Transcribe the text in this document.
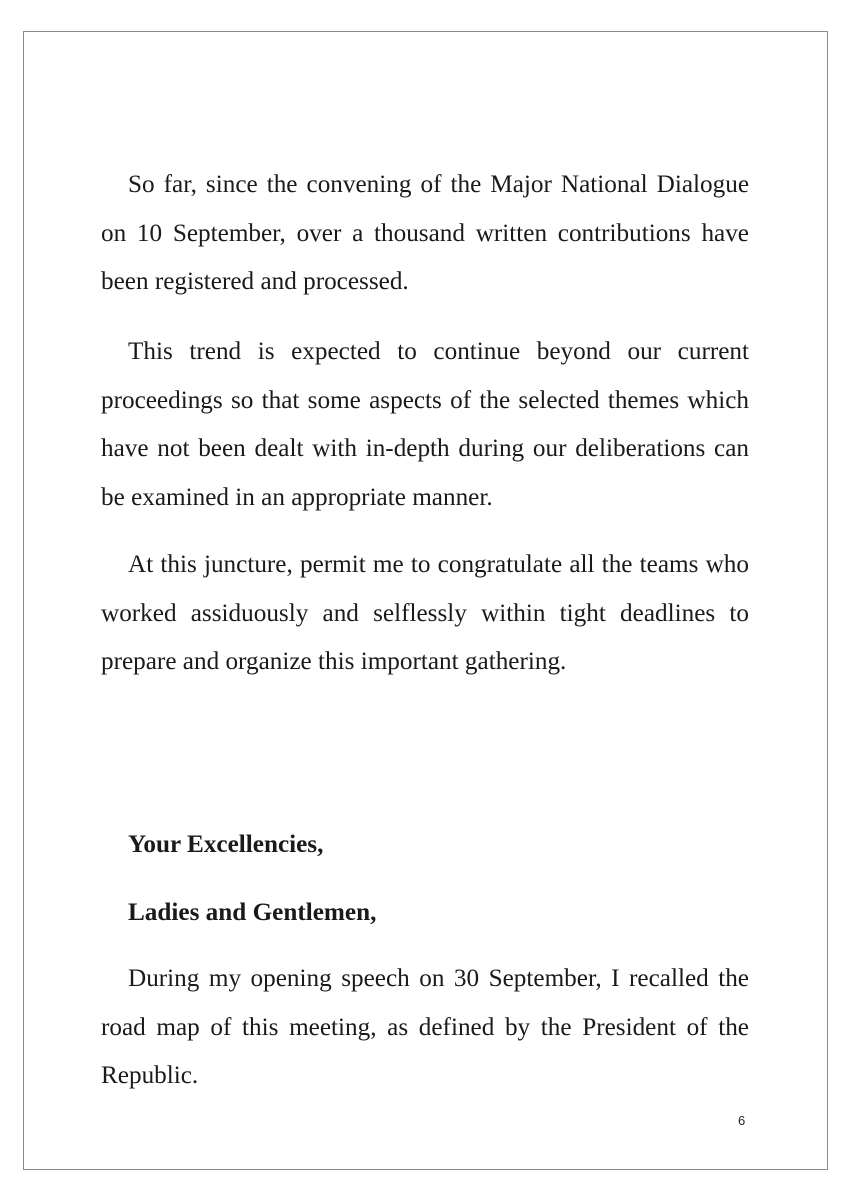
So far, since the convening of the Major National Dialogue on 10 September, over a thousand written contributions have been registered and processed.

This trend is expected to continue beyond our current proceedings so that some aspects of the selected themes which have not been dealt with in-depth during our deliberations can be examined in an appropriate manner.

At this juncture, permit me to congratulate all the teams who worked assiduously and selflessly within tight deadlines to prepare and organize this important gathering.

Your Excellencies,

Ladies and Gentlemen,

During my opening speech on 30 September, I recalled the road map of this meeting, as defined by the President of the Republic.

6
